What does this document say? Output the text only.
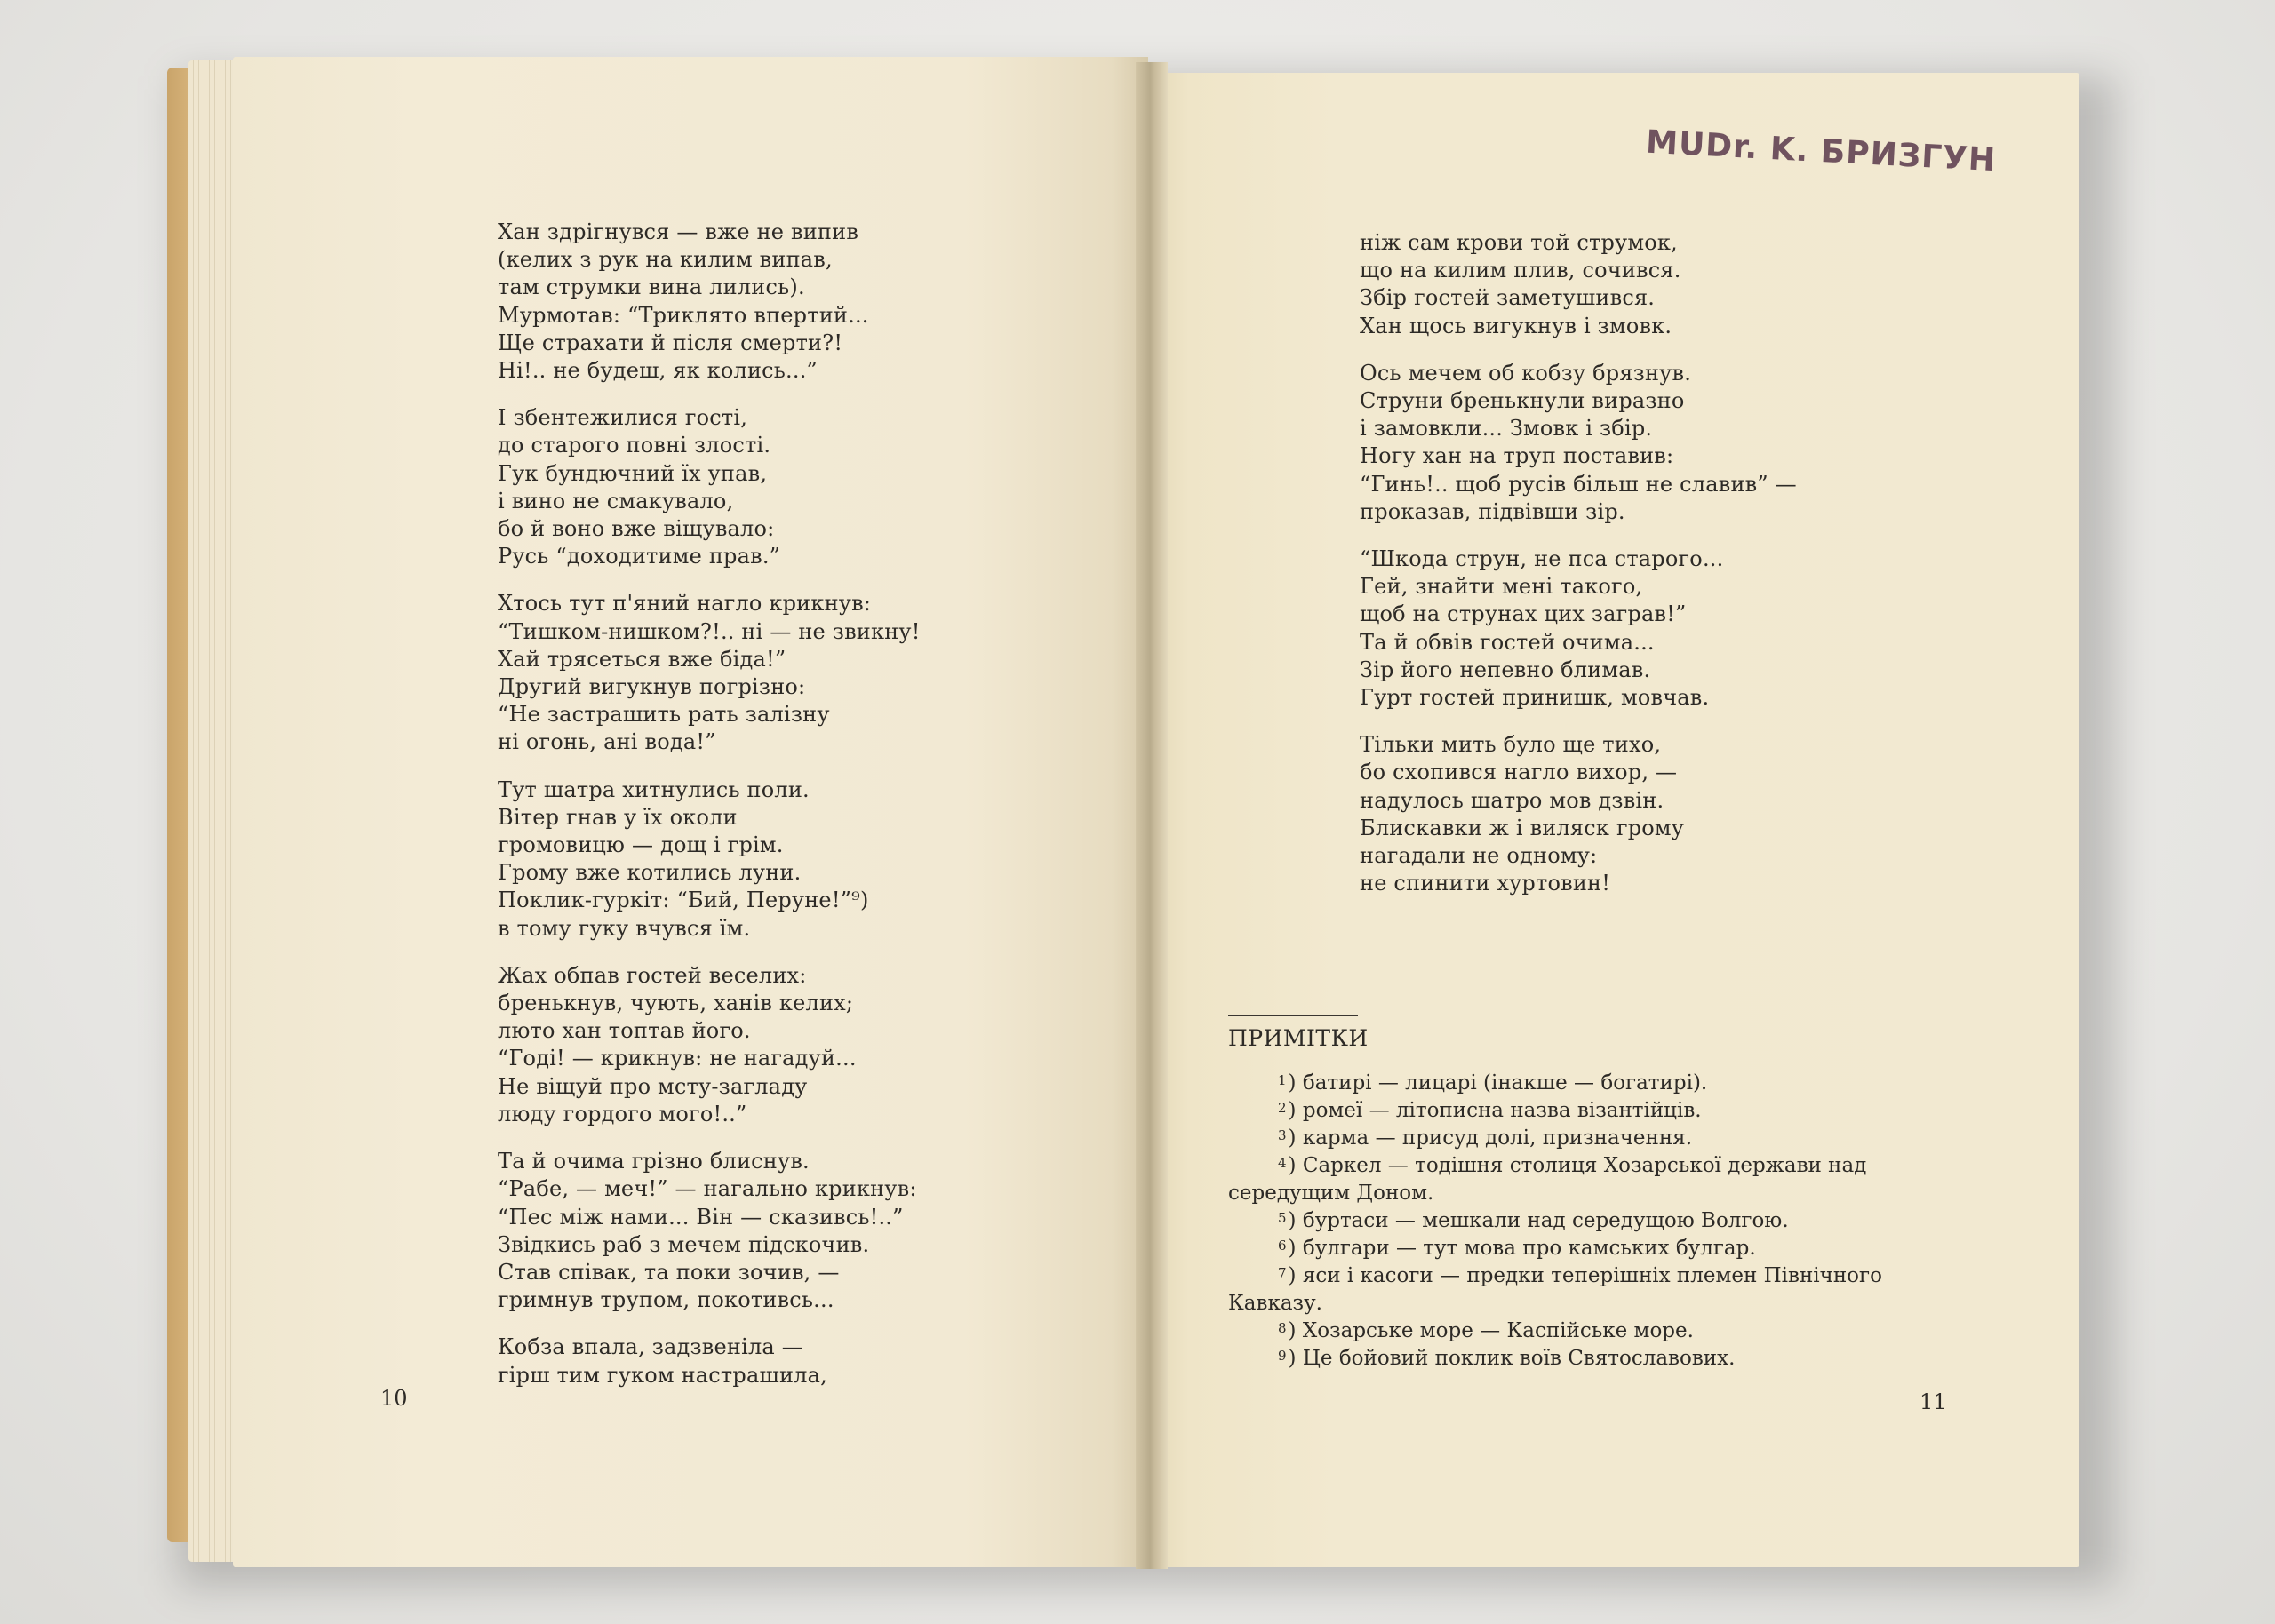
Хан здрігнувся — вже не випив
(келих з рук на килим випав,
там струмки вина лились).
Мурмотав: “Триклято впертий...
Ще страхати й після смерти?!
Ні!.. не будеш, як колись...”
І збентежилися гості,
до старого повні злості.
Гук бундючний їх упав,
і вино не смакувало,
бо й воно вже віщувало:
Русь “доходитиме прав.”
Хтось тут п'яний нагло крикнув:
“Тишком-нишком?!.. ні — не звикну!
Хай трясеться вже біда!”
Другий вигукнув погрізно:
“Не застрашить рать залізну
ні огонь, ані вода!”
Тут шатра хитнулись поли.
Вітер гнав у їх околи
громовицю — дощ і грім.
Грому вже котились луни.
Поклик-гуркіт: “Бий, Перуне!”⁹)
в тому гуку вчувся їм.
Жах обпав гостей веселих:
бренькнув, чують, ханів келих;
люто хан топтав його.
“Годі! — крикнув: не нагадуй...
Не віщуй про мсту-загладу
люду гордого мого!..”
Та й очима грізно блиснув.
“Рабе, — меч!” — нагально крикнув:
“Пес між нами... Він — сказивсь!..”
Звідкись раб з мечем підскочив.
Став співак, та поки зочив, —
гримнув трупом, покотивсь...
Кобза впала, задзвеніла —
гірш тим гуком настрашила,
10
MUDr. K. БРИЗГУН
ніж сам крови той струмок,
що на килим плив, сочився.
Збір гостей заметушився.
Хан щось вигукнув і змовк.
Ось мечем об кобзу брязнув.
Струни бренькнули виразно
і замовкли... Змовк і збір.
Ногу хан на труп поставив:
“Гинь!.. щоб русів більш не славив” —
проказав, підвівши зір.
“Шкода струн, не пса старого...
Гей, знайти мені такого,
щоб на струнах цих заграв!”
Та й обвів гостей очима...
Зір його непевно блимав.
Гурт гостей принишк, мовчав.
Тільки мить було ще тихо,
бо схопився нагло вихор, —
надулось шатро мов дзвін.
Блискавки ж і виляск грому
нагадали не одному:
не спинити хуртовин!
ПРИМІТКИ
$^1$) батирі — лицарі (інакше — богатирі).
$^2$) ромеї — літописна назва візантійців.
$^3$) карма — присуд долі, призначення.
$^4$) Саркел — тодішня столиця Хозарської держави над
середущим Доном.
$^5$) буртаси — мешкали над середущою Волгою.
$^6$) булгари — тут мова про камських булгар.
$^7$) яси і касоги — предки теперішніх племен Північного
Кавказу.
$^8$) Хозарське море — Каспійське море.
$^9$) Це бойовий поклик воїв Святославових.
11
